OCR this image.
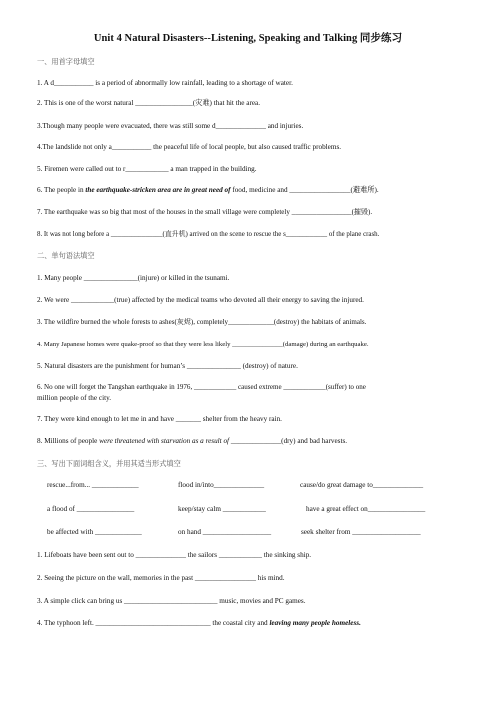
Unit 4 Natural Disasters--Listening, Speaking and Talking 同步练习
一、用首字母填空
1. A d___________ is a period of abnormally low rainfall, leading to a shortage of water.
2. This is one of the worst natural ________________(灾难) that hit the area.
3.Though many people were evacuated, there was still some d______________ and injuries.
4.The landslide not only a___________ the peaceful life of local people, but also caused traffic problems.
5. Firemen were called out to r____________ a man trapped in the building.
6. The people in the earthquake-stricken area are in great need of food, medicine and _________________(避难所).
7. The earthquake was so big that most of the houses in the small village were completely _________________(摧毁).
8. It was not long before a _______________(直升机) arrived on the scene to rescue the s____________ of the plane crash.
二、单句语法填空
1. Many people _______________(injure) or killed in the tsunami.
2. We were ____________(true) affected by the medical teams who devoted all their energy to saving the injured.
3. The wildfire burned the whole forests to ashes(灰烬), completely_____________(destroy) the habitats of animals.
4. Many Japanese homes were quake-proof so that they were less likely _______________(damage) during an earthquake.
5. Natural disasters are the punishment for human’s _______________ (destroy) of nature.
6. No one will forget the Tangshan earthquake in 1976, ____________ caused extreme ____________(suffer) to one
million people of the city.
7. They were kind enough to let me in and have _______ shelter from the heavy rain.
8. Millions of people were threatened with starvation as a result of ______________(dry) and bad harvests.
三、写出下面词组含义，并用其适当形式填空
rescue...from... _____________	flood in/into______________	cause/do great damage to______________
a flood of ________________	keep/stay calm ____________	have a great effect on________________
be affected with _____________	on hand ___________________	seek shelter from ___________________
1. Lifeboats have been sent out to ______________ the sailors ____________ the sinking ship.
2. Seeing the picture on the wall, memories in the past _________________ his mind.
3. A simple click can bring us __________________________ music, movies and PC games.
4. The typhoon left. ________________________________ the coastal city and leaving many people homeless.
